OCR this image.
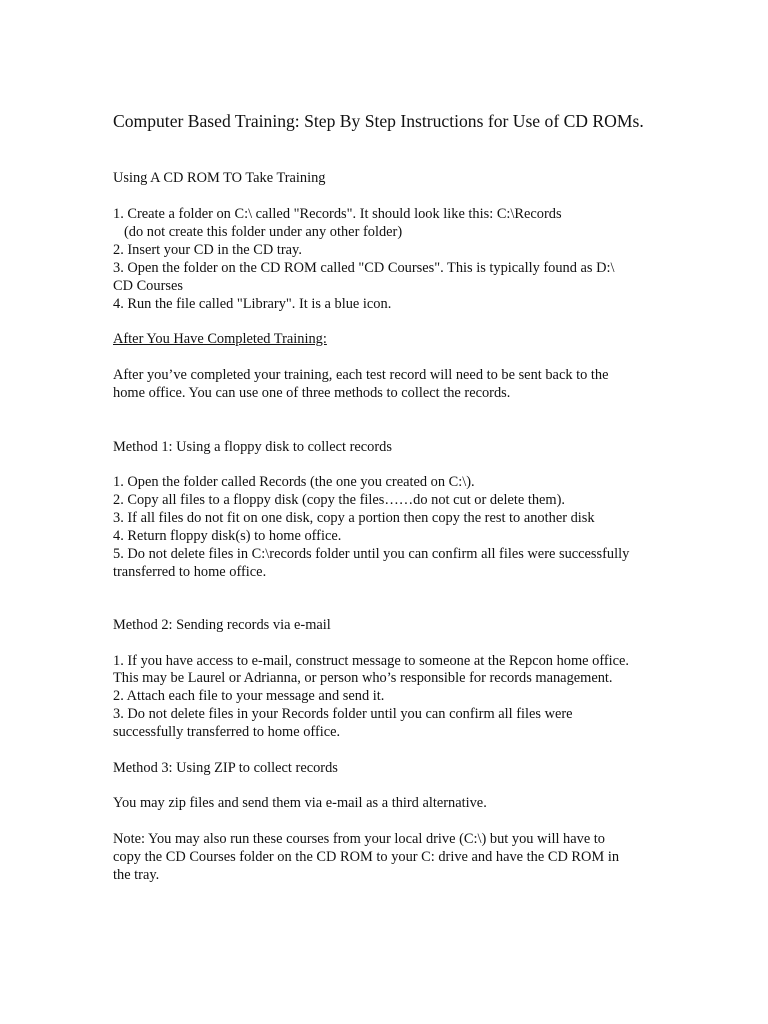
Computer Based Training: Step By Step Instructions for Use of CD ROMs.
Using A CD ROM TO Take Training
1. Create a folder on C:\ called "Records". It should look like this: C:\Records
(do not create this folder under any other folder)
2. Insert your CD in the CD tray.
3. Open the folder on the CD ROM called "CD Courses". This is typically found as D:\
CD Courses
4. Run the file called "Library". It is a blue icon.
After You Have Completed Training:
After you’ve completed your training, each test record will need to be sent back to the
home office. You can use one of three methods to collect the records.
Method 1: Using a floppy disk to collect records
1. Open the folder called Records (the one you created on C:\).
2. Copy all files to a floppy disk (copy the files……do not cut or delete them).
3. If all files do not fit on one disk, copy a portion then copy the rest to another disk
4. Return floppy disk(s) to home office.
5. Do not delete files in C:\records folder until you can confirm all files were successfully
transferred to home office.
Method 2: Sending records via e-mail
1. If you have access to e-mail, construct message to someone at the Repcon home office.
This may be Laurel or Adrianna, or person who’s responsible for records management.
2. Attach each file to your message and send it.
3. Do not delete files in your Records folder until you can confirm all files were
successfully transferred to home office.
Method 3: Using ZIP to collect records
You may zip files and send them via e-mail as a third alternative.
Note: You may also run these courses from your local drive (C:\) but you will have to
copy the CD Courses folder on the CD ROM to your C: drive and have the CD ROM in
the tray.
